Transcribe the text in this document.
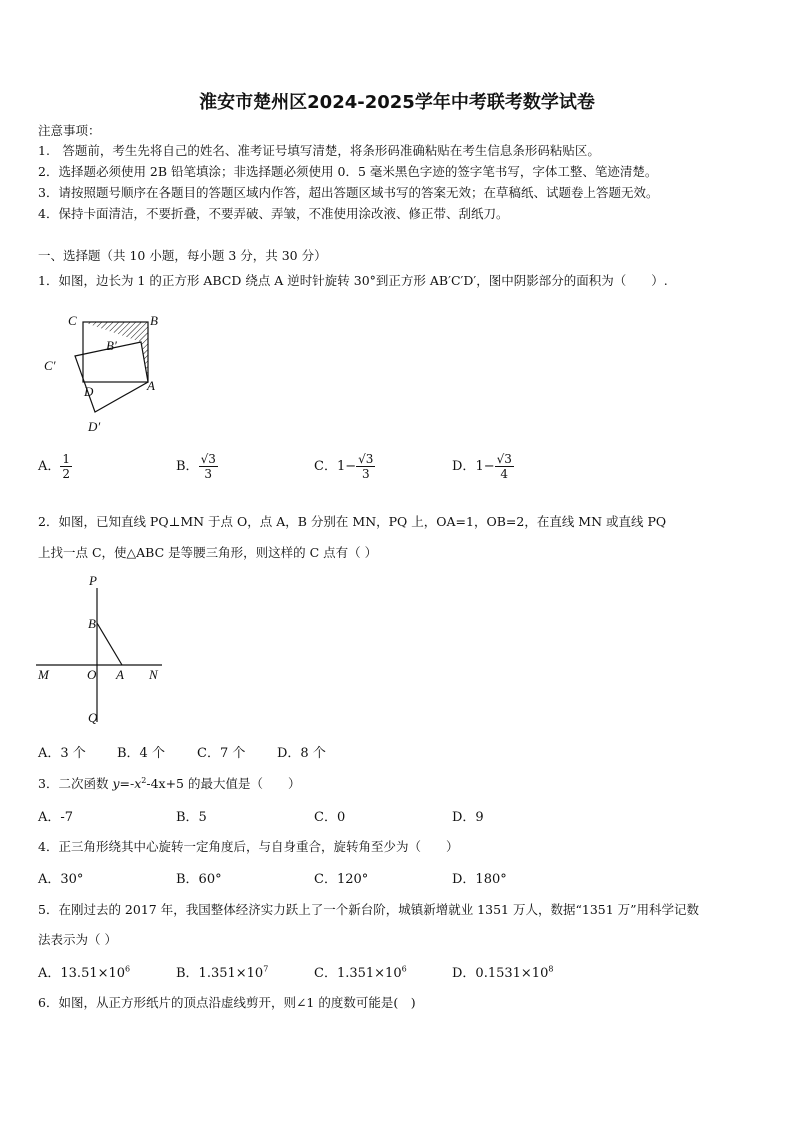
淮安市楚州区2024-2025学年中考联考数学试卷
注意事项：
1.　答题前，考生先将自己的姓名、准考证号填写清楚，将条形码准确粘贴在考生信息条形码粘贴区。
2．选择题必须使用 2B 铅笔填涂；非选择题必须使用 0．5 毫米黑色字迹的签字笔书写，字体工整、笔迹清楚。
3．请按照题号顺序在各题目的答题区域内作答，超出答题区域书写的答案无效；在草稿纸、试题卷上答题无效。
4．保持卡面清洁，不要折叠，不要弄破、弄皱，不准使用涂改液、修正带、刮纸刀。
一、选择题（共 10 小题，每小题 3 分，共 30 分）
1．如图，边长为 1 的正方形 ABCD 绕点 A 逆时针旋转 30°到正方形 AB′C′D′，图中阴影部分的面积为（　　）.
C	B
B′
C′
D	A
D′
A． $\frac{1}{2}$	B． $\frac{√3}{3}$	C．$1- \frac{√3}{3}$	D．$1- \frac{√3}{4}$
2．如图，已知直线 PQ⊥MN 于点 O，点 A，B 分别在 MN，PQ 上，OA=1，OB=2，在直线 MN 或直线 PQ
上找一点 C，使△ABC 是等腰三角形，则这样的 C 点有（ ）
P
B
M	O A N
Q
A．3 个 B．4 个 C．7 个 D．8 个
3．二次函数 $y=-x^2-4x+5$ 的最大值是（　　）
A．-7	B．5	C．0	D．9
4．正三角形绕其中心旋转一定角度后，与自身重合，旋转角至少为（　　）
A．30°	B．60°	C．120°	D．180°
5．在刚过去的 2017 年，我国整体经济实力跃上了一个新台阶，城镇新增就业 1351 万人，数据“1351 万”用科学记数
法表示为（ ）
A．$13.51\times 10^6$	B．$1.351\times 10^7$	C．$1.351\times 10^6$	D．$0.1531\times 10^8$
6．如图，从正方形纸片的顶点沿虚线剪开，则∠1 的度数可能是(　)
